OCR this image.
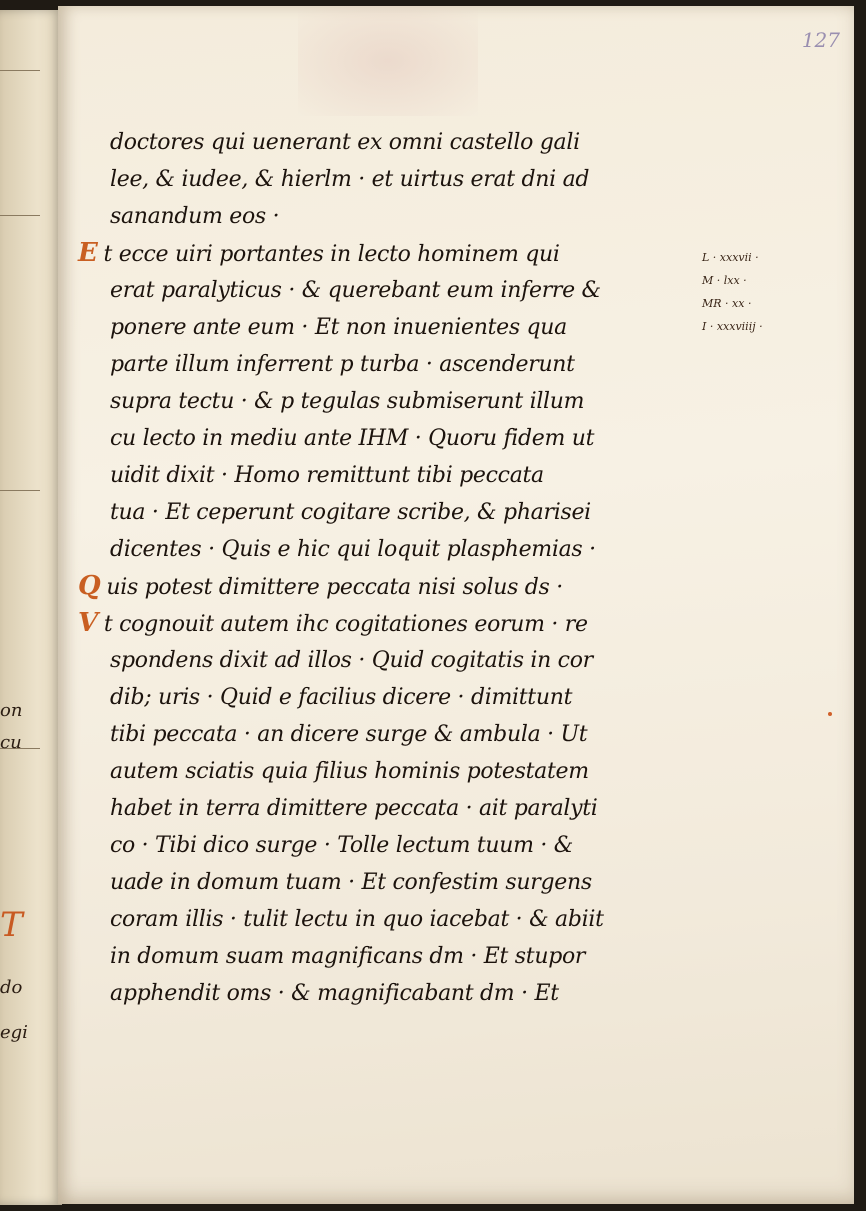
on
cu
T
do
egi
127
doctores qui uenerant ex omni castello gali
lee, & iudee, & hierlm · et uirtus erat dni ad
sanandum eos ·
E t ecce uiri portantes in lecto hominem qui
erat paralyticus · & querebant eum inferre &
ponere ante eum · Et non inuenientes qua
parte illum inferrent p turba · ascenderunt
supra tectu · & p tegulas submiserunt illum
cu lecto in mediu ante IHM · Quoru fidem ut
uidit dixit · Homo remittunt tibi peccata
tua · Et ceperunt cogitare scribe, & pharisei
dicentes · Quis e hic qui loquit plasphemias ·
Q uis potest dimittere peccata nisi solus ds ·
V t cognouit autem ihc cogitationes eorum · re
spondens dixit ad illos · Quid cogitatis in cor
dib; uris · Quid e facilius dicere · dimittunt
tibi peccata · an dicere surge & ambula · Ut
autem sciatis quia filius hominis potestatem
habet in terra dimittere peccata · ait paralyti
co · Tibi dico surge · Tolle lectum tuum · &
uade in domum tuam · Et confestim surgens
coram illis · tulit lectu in quo iacebat · & abiit
in domum suam magnificans dm · Et stupor
apphendit oms · & magnificabant dm · Et
L · xxxvii ·
M · lxx ·
MR · xx ·
I · xxxviiij ·
